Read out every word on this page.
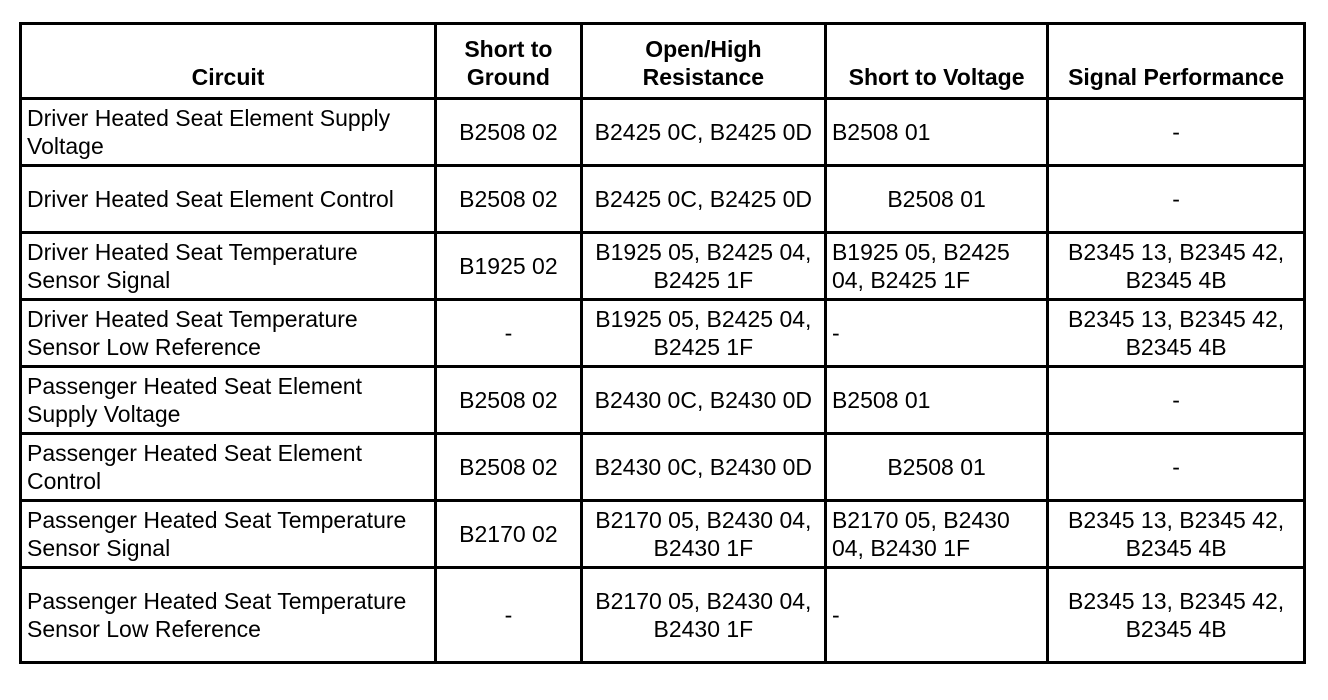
Circuit	Short to Ground	Open/High Resistance	Short to Voltage	Signal Performance
Driver Heated Seat Element Supply Voltage	B2508 02	B2425 0C, B2425 0D	B2508 01	-
Driver Heated Seat Element Control	B2508 02	B2425 0C, B2425 0D	B2508 01	-
Driver Heated Seat Temperature Sensor Signal	B1925 02	B1925 05, B2425 04, B2425 1F	B1925 05, B2425 04, B2425 1F	B2345 13, B2345 42, B2345 4B
Driver Heated Seat Temperature Sensor Low Reference	-	B1925 05, B2425 04, B2425 1F	-	B2345 13, B2345 42, B2345 4B
Passenger Heated Seat Element Supply Voltage	B2508 02	B2430 0C, B2430 0D	B2508 01	-
Passenger Heated Seat Element Control	B2508 02	B2430 0C, B2430 0D	B2508 01	-
Passenger Heated Seat Temperature Sensor Signal	B2170 02	B2170 05, B2430 04, B2430 1F	B2170 05, B2430 04, B2430 1F	B2345 13, B2345 42, B2345 4B
Passenger Heated Seat Temperature Sensor Low Reference	-	B2170 05, B2430 04, B2430 1F	-	B2345 13, B2345 42, B2345 4B
